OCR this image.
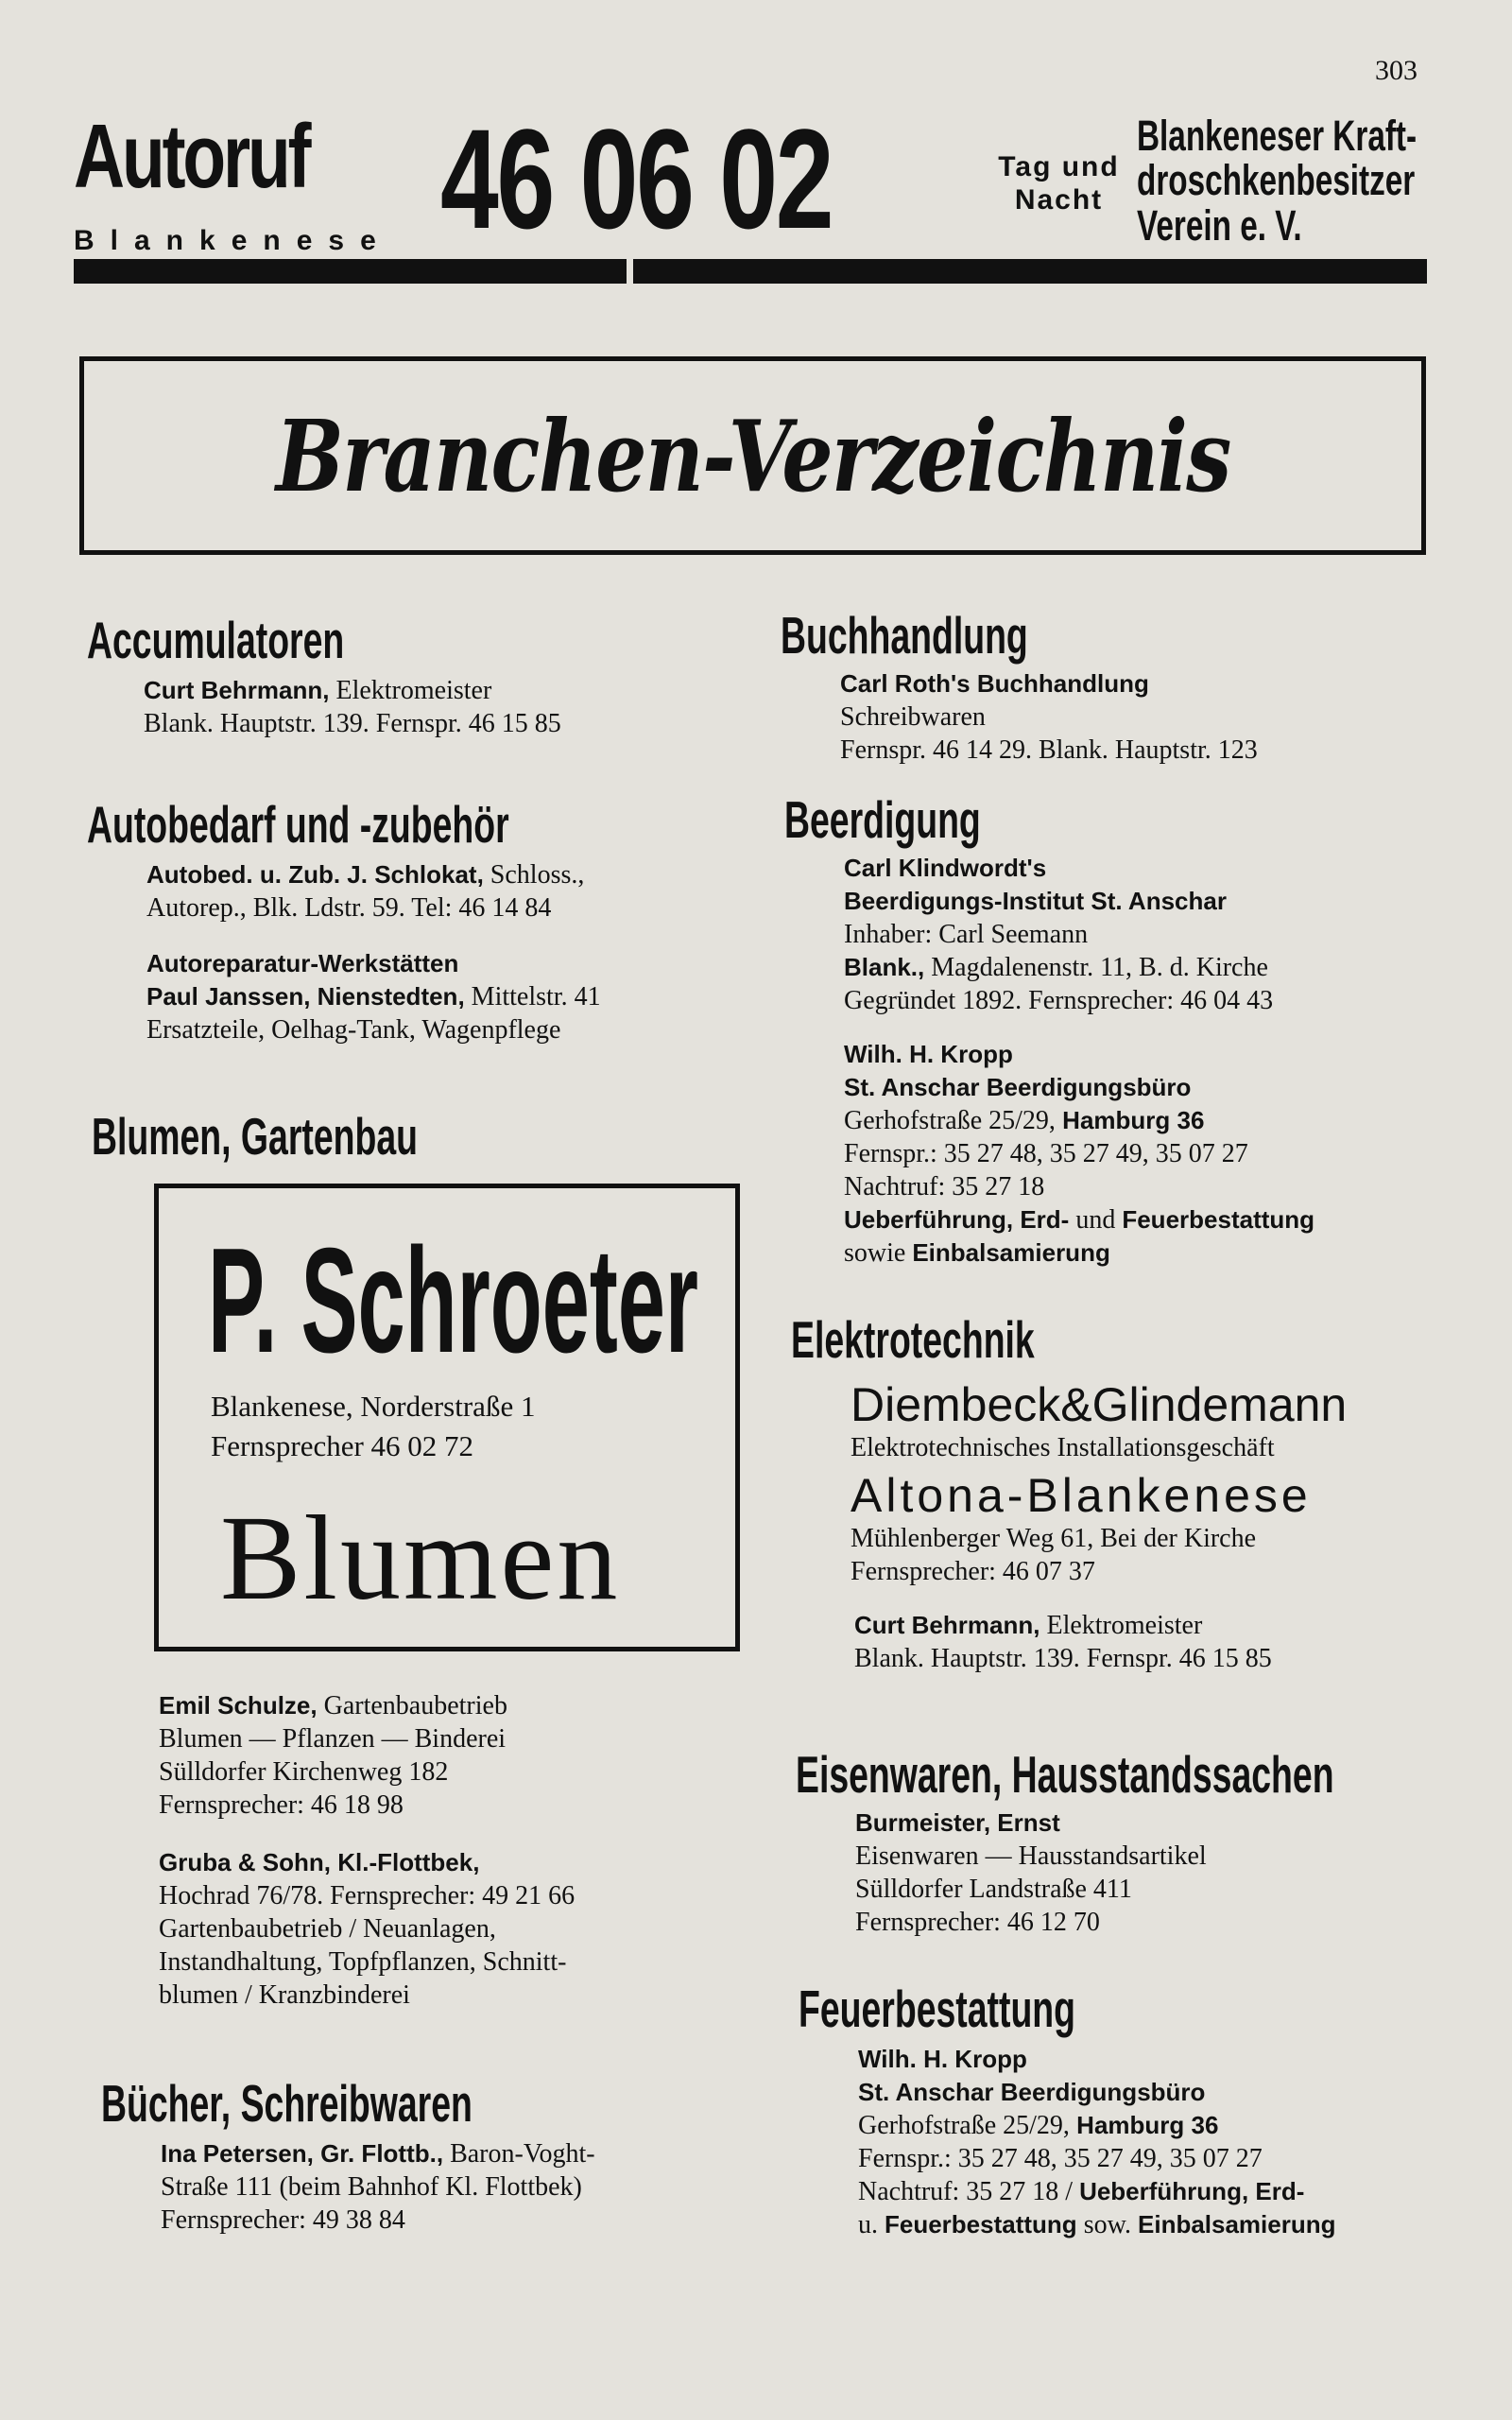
303
Autoruf
Blankenese 46 06 02	Tag und
Nacht
Blankeneser Kraft-
droschkenbesitzer
Verein e. V.
Branchen-Verzeichnis
Accumulatoren
Curt Behrmann, Elektromeister
Blank. Hauptstr. 139. Fernspr. 46 15 85
Autobedarf und -zubehör
Autobed. u. Zub. J. Schlokat, Schloss.,
Autorep., Blk. Ldstr. 59. Tel: 46 14 84
Autoreparatur-Werkstätten
Paul Janssen, Nienstedten, Mittelstr. 41
Ersatzteile, Oelhag-Tank, Wagenpflege
Blumen, Gartenbau
P. Schroeter
Blankenese, Norderstraße 1
Fernsprecher 46 02 72
Blumen
Emil Schulze, Gartenbaubetrieb
Blumen — Pflanzen — Binderei
Sülldorfer Kirchenweg 182
Fernsprecher: 46 18 98
Gruba & Sohn, Kl.-Flottbek,
Hochrad 76/78. Fernsprecher: 49 21 66
Gartenbaubetrieb / Neuanlagen,
Instandhaltung, Topfpflanzen, Schnitt-
blumen / Kranzbinderei
Bücher, Schreibwaren
Ina Petersen, Gr. Flottb., Baron-Voght-
Straße 111 (beim Bahnhof Kl. Flottbek)
Fernsprecher: 49 38 84
Buchhandlung
Carl Roth's Buchhandlung
Schreibwaren
Fernspr. 46 14 29. Blank. Hauptstr. 123
Beerdigung
Carl Klindwordt's
Beerdigungs-Institut St. Anschar
Inhaber: Carl Seemann
Blank., Magdalenenstr. 11, B. d. Kirche
Gegründet 1892. Fernsprecher: 46 04 43
Wilh. H. Kropp
St. Anschar Beerdigungsbüro
Gerhofstraße 25/29, Hamburg 36
Fernspr.: 35 27 48, 35 27 49, 35 07 27
Nachtruf: 35 27 18
Ueberführung, Erd- und Feuerbestattung
sowie Einbalsamierung
Elektrotechnik
Diembeck&Glindemann
Elektrotechnisches Installationsgeschäft
Altona-Blankenese
Mühlenberger Weg 61, Bei der Kirche
Fernsprecher: 46 07 37
Curt Behrmann, Elektromeister
Blank. Hauptstr. 139. Fernspr. 46 15 85
Eisenwaren, Hausstandssachen
Burmeister, Ernst
Eisenwaren — Hausstandsartikel
Sülldorfer Landstraße 411
Fernsprecher: 46 12 70
Feuerbestattung
Wilh. H. Kropp
St. Anschar Beerdigungsbüro
Gerhofstraße 25/29, Hamburg 36
Fernspr.: 35 27 48, 35 27 49, 35 07 27
Nachtruf: 35 27 18 / Ueberführung, Erd-
u. Feuerbestattung sow. Einbalsamierung
